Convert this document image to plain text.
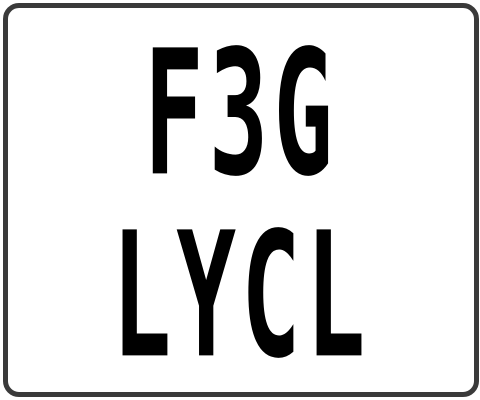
F3G
LYCL
